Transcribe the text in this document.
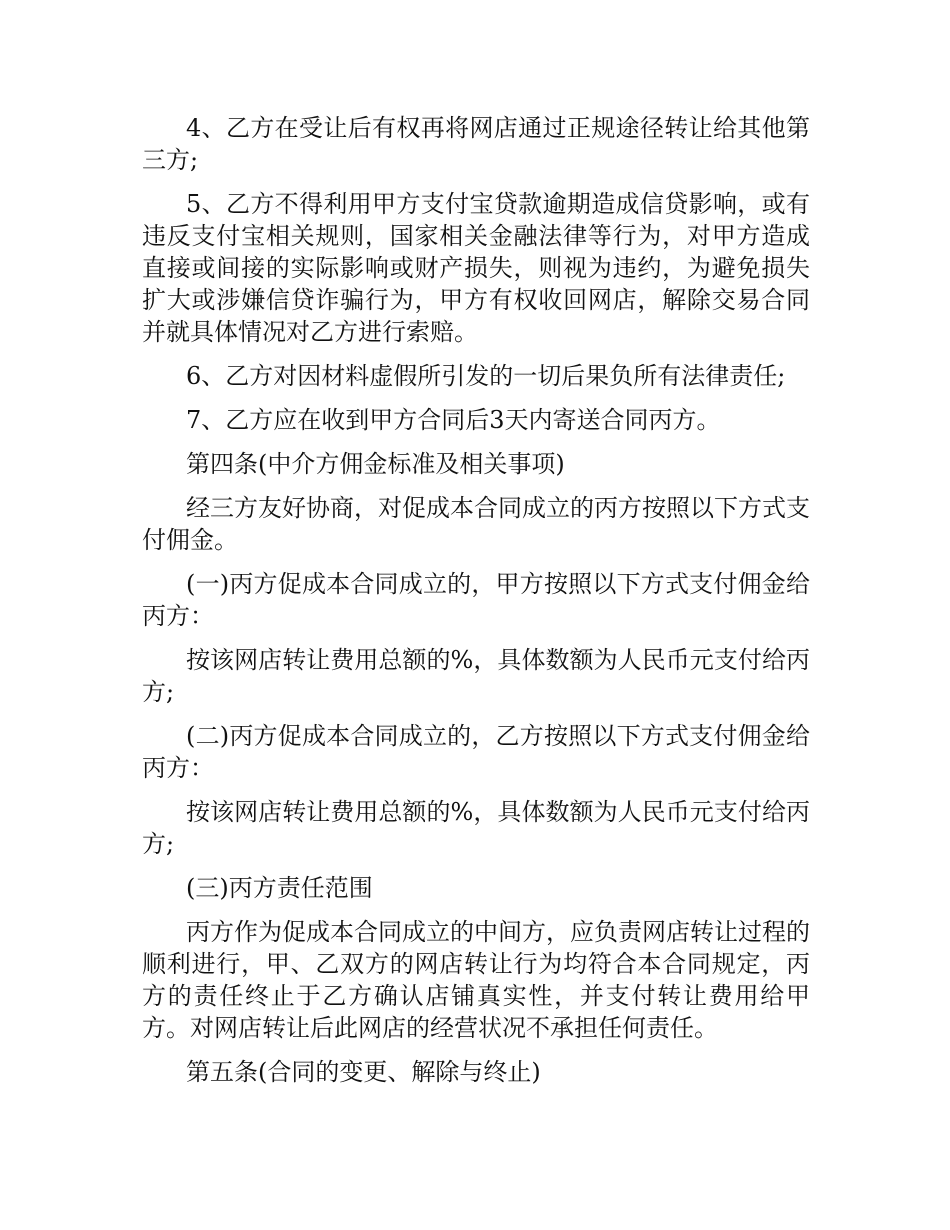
4、乙方在受让后有权再将网店通过正规途径转让给其他第三方;

5、乙方不得利用甲方支付宝贷款逾期造成信贷影响，或有违反支付宝相关规则，国家相关金融法律等行为，对甲方造成直接或间接的实际影响或财产损失，则视为违约，为避免损失扩大或涉嫌信贷诈骗行为，甲方有权收回网店，解除交易合同并就具体情况对乙方进行索赔。

6、乙方对因材料虚假所引发的一切后果负所有法律责任;

7、乙方应在收到甲方合同后3天内寄送合同丙方。

第四条(中介方佣金标准及相关事项)

经三方友好协商，对促成本合同成立的丙方按照以下方式支付佣金。

(一)丙方促成本合同成立的，甲方按照以下方式支付佣金给丙方：

按该网店转让费用总额的%，具体数额为人民币元支付给丙方;

(二)丙方促成本合同成立的，乙方按照以下方式支付佣金给丙方：

按该网店转让费用总额的%，具体数额为人民币元支付给丙方;

(三)丙方责任范围

丙方作为促成本合同成立的中间方，应负责网店转让过程的顺利进行，甲、乙双方的网店转让行为均符合本合同规定，丙方的责任终止于乙方确认店铺真实性，并支付转让费用给甲方。对网店转让后此网店的经营状况不承担任何责任。

第五条(合同的变更、解除与终止)
